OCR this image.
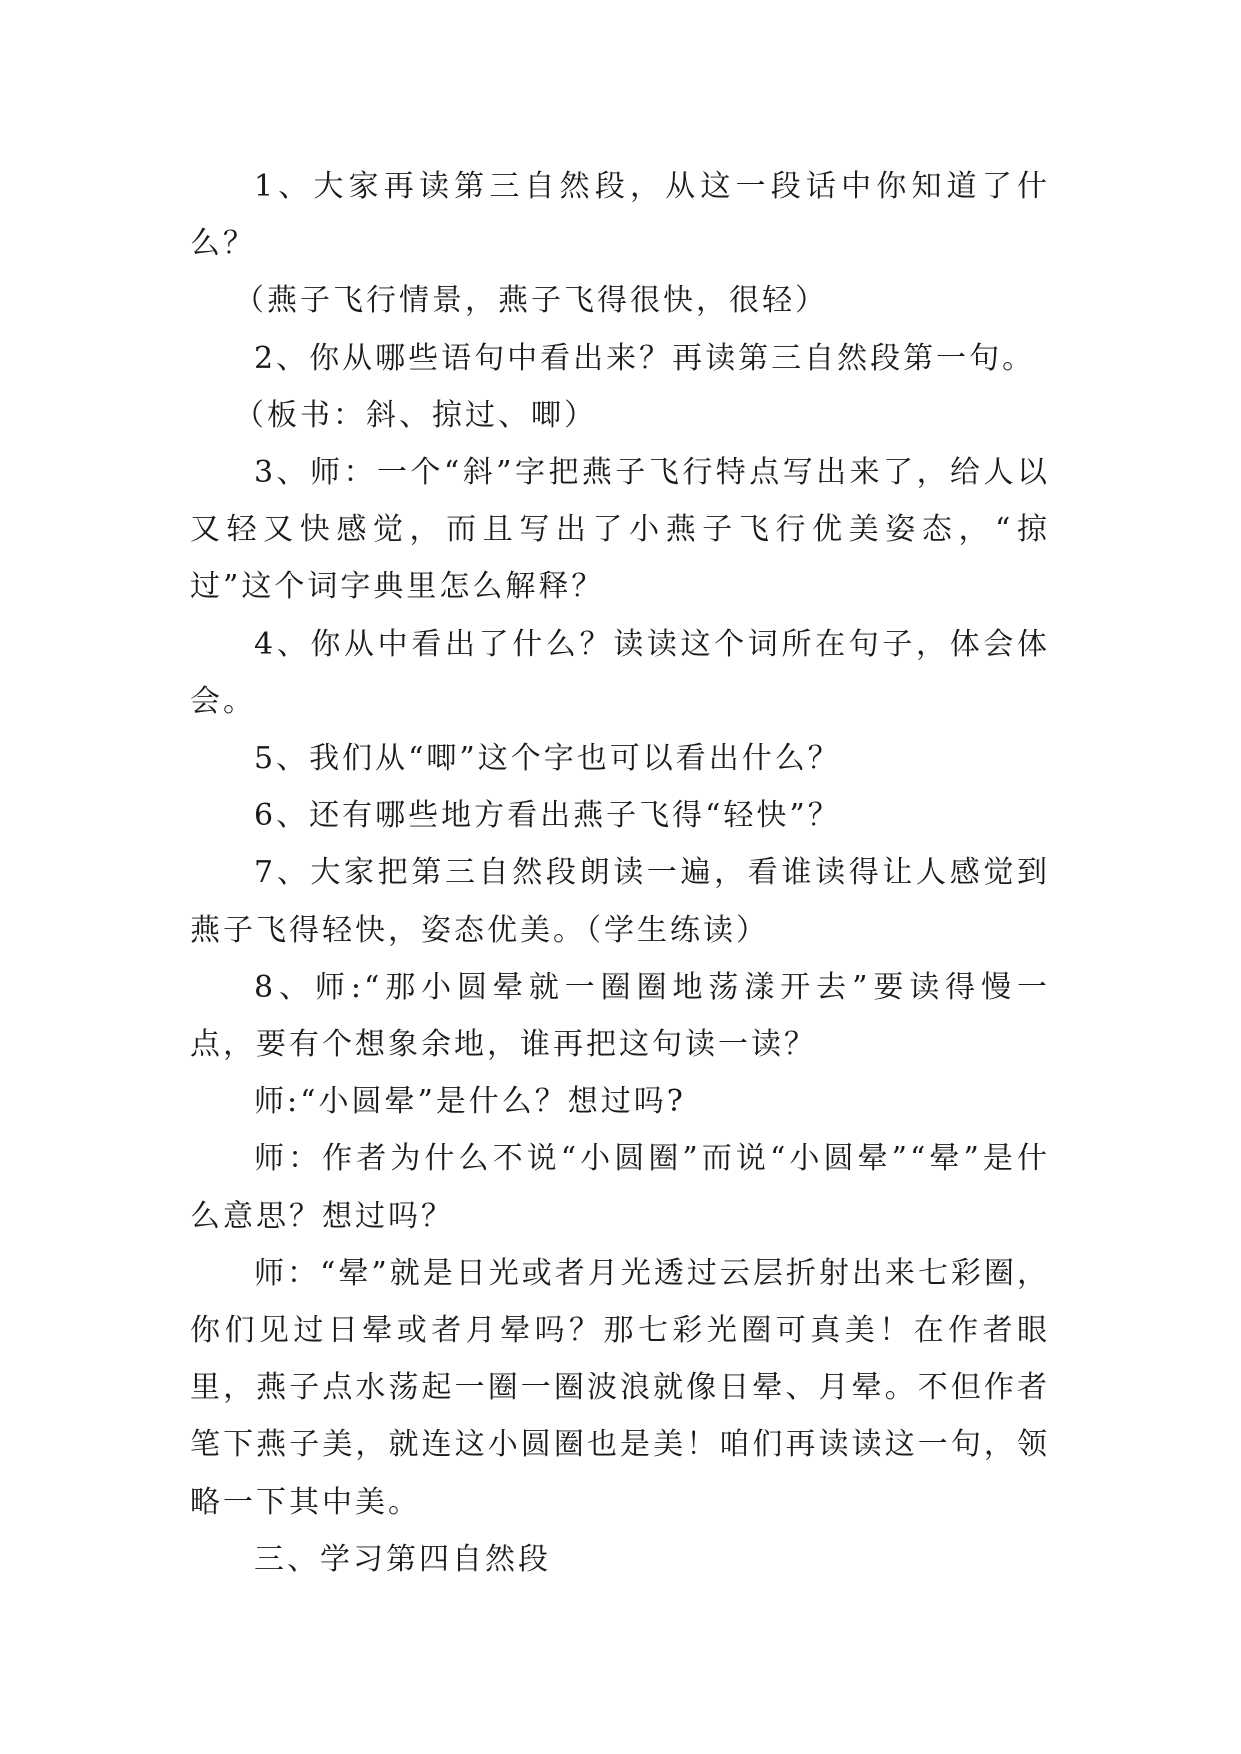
1、大家再读第三自然段，从这一段话中你知道了什么？

（燕子飞行情景，燕子飞得很快，很轻）

2、你从哪些语句中看出来？再读第三自然段第一句。

（板书：斜、掠过、唧）

3、师：一个“斜”字把燕子飞行特点写出来了，给人以又轻又快感觉，而且写出了小燕子飞行优美姿态，“掠过”这个词字典里怎么解释？

4、你从中看出了什么？读读这个词所在句子，体会体会。

5、我们从“唧”这个字也可以看出什么？

6、还有哪些地方看出燕子飞得“轻快”？

7、大家把第三自然段朗读一遍，看谁读得让人感觉到燕子飞得轻快，姿态优美。（学生练读）

8、师:“那小圆晕就一圈圈地荡漾开去”要读得慢一点，要有个想象余地，谁再把这句读一读？

师:“小圆晕”是什么？想过吗?

师：作者为什么不说“小圆圈”而说“小圆晕”“晕”是什么意思？想过吗？

师：“晕”就是日光或者月光透过云层折射出来七彩圈，你们见过日晕或者月晕吗？那七彩光圈可真美！在作者眼里，燕子点水荡起一圈一圈波浪就像日晕、月晕。不但作者笔下燕子美，就连这小圆圈也是美！咱们再读读这一句，领略一下其中美。

三、学习第四自然段
